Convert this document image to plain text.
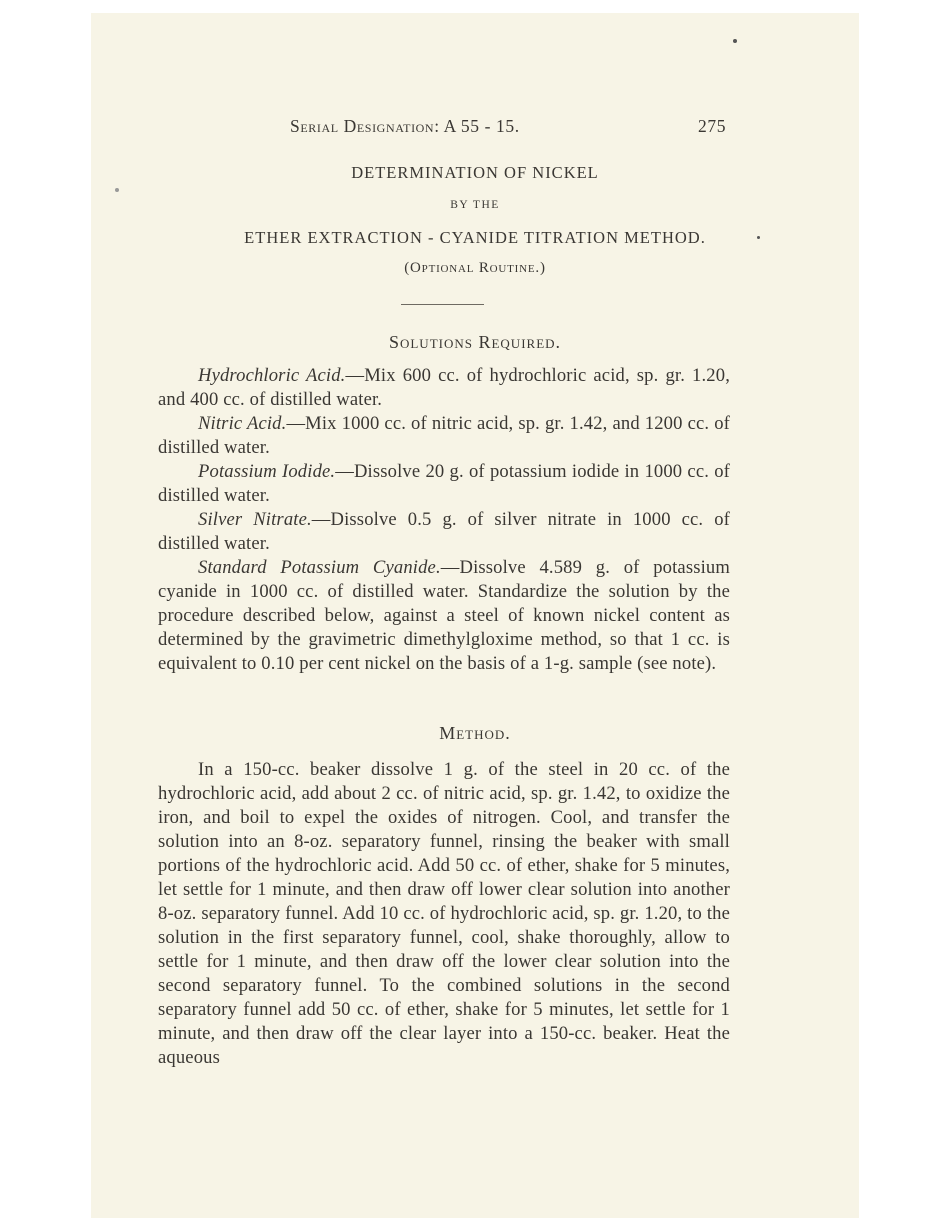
Serial Designation: A 55 - 15.	275
DETERMINATION OF NICKEL
BY THE
ETHER EXTRACTION - CYANIDE TITRATION METHOD.
(Optional Routine.)
Solutions Required.

Hydrochloric Acid.—Mix 600 cc. of hydrochloric acid, sp. gr. 1.20, and 400 cc. of distilled water.

Nitric Acid.—Mix 1000 cc. of nitric acid, sp. gr. 1.42, and 1200 cc. of distilled water.

Potassium Iodide.—Dissolve 20 g. of potassium iodide in 1000 cc. of distilled water.

Silver Nitrate.—Dissolve 0.5 g. of silver nitrate in 1000 cc. of distilled water.

Standard Potassium Cyanide.—Dissolve 4.589 g. of potassium cyanide in 1000 cc. of distilled water. Standardize the solution by the procedure described below, against a steel of known nickel content as determined by the gravimetric dimethylgloxime method, so that 1 cc. is equivalent to 0.10 per cent nickel on the basis of a 1-g. sample (see note).

Method.

In a 150-cc. beaker dissolve 1 g. of the steel in 20 cc. of the hydrochloric acid, add about 2 cc. of nitric acid, sp. gr. 1.42, to oxidize the iron, and boil to expel the oxides of nitrogen. Cool, and transfer the solution into an 8-oz. separatory funnel, rinsing the beaker with small portions of the hydrochloric acid. Add 50 cc. of ether, shake for 5 minutes, let settle for 1 minute, and then draw off lower clear solution into another 8-oz. separatory funnel. Add 10 cc. of hydrochloric acid, sp. gr. 1.20, to the solution in the first separatory funnel, cool, shake thoroughly, allow to settle for 1 minute, and then draw off the lower clear solution into the second separatory funnel. To the combined solutions in the second separatory funnel add 50 cc. of ether, shake for 5 minutes, let settle for 1 minute, and then draw off the clear layer into a 150-cc. beaker. Heat the aqueous
